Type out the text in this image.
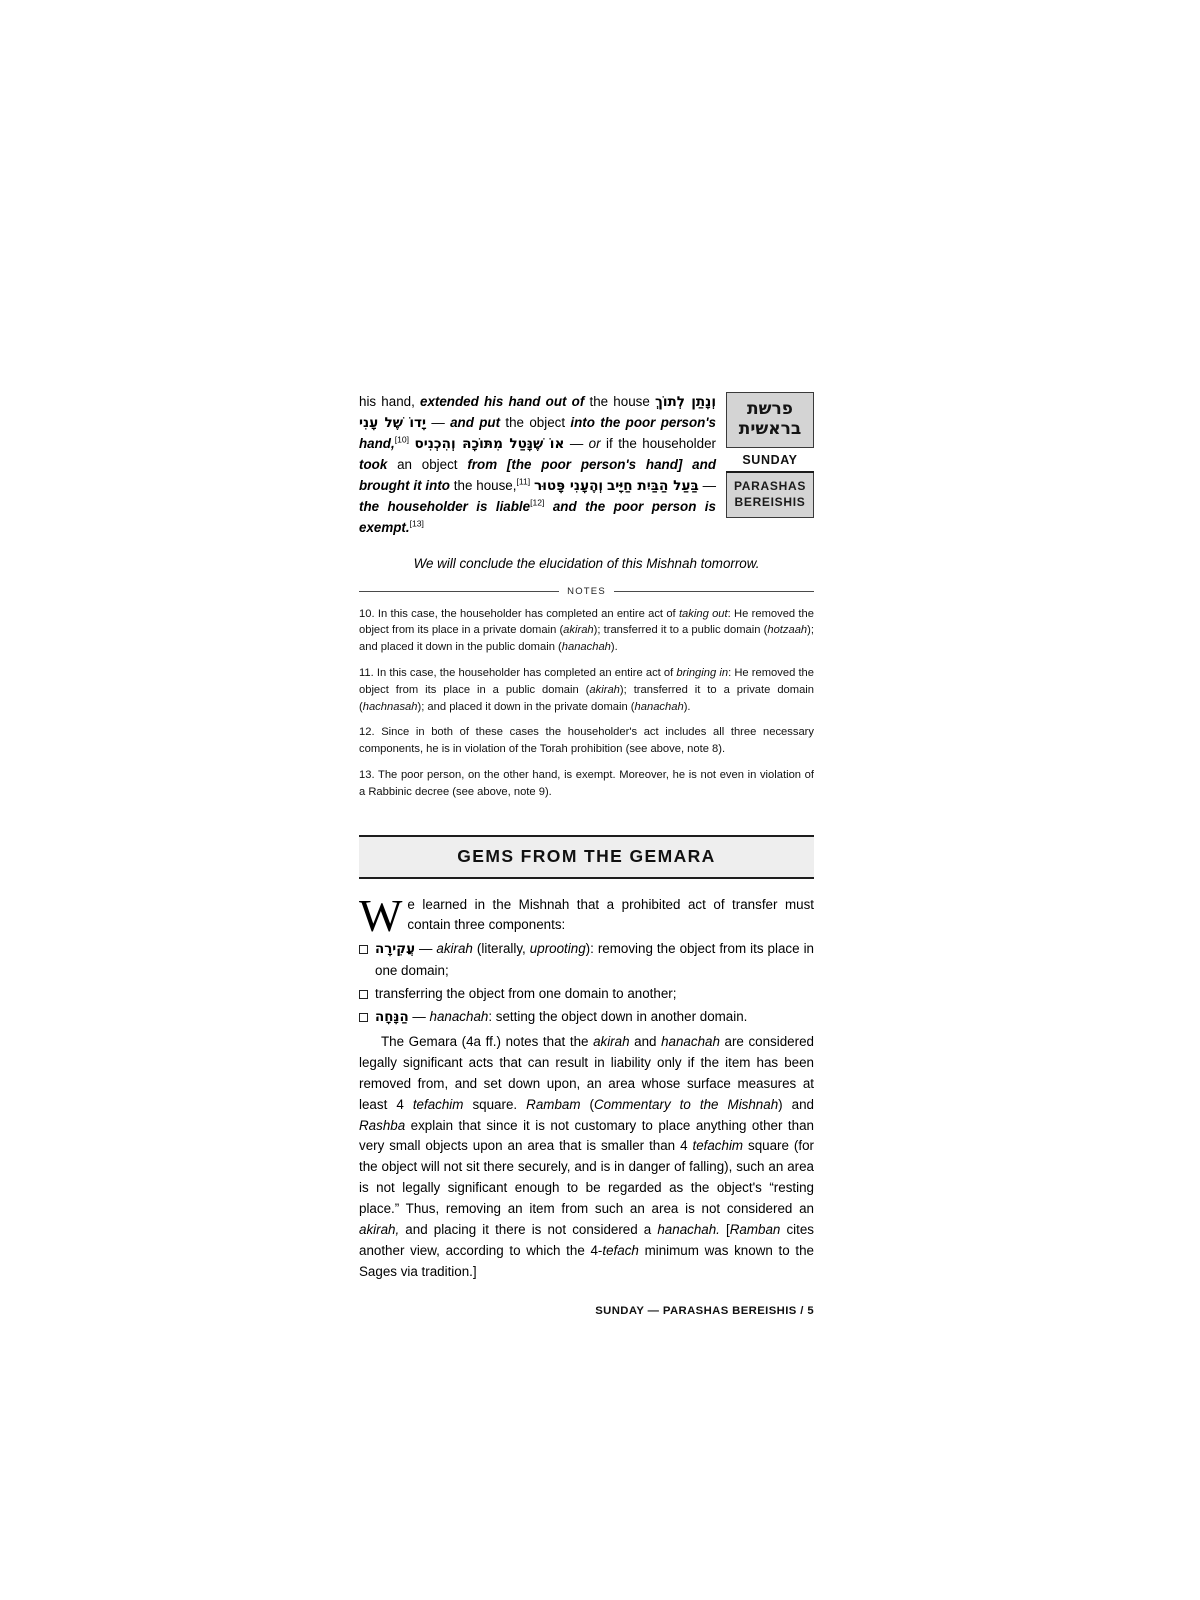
פרשת
בראשית
SUNDAY
PARASHAS
BEREISHIS
his hand, extended his hand out of the house וְנָתַן לְתוֹךְ יָדוֹ שֶׁל עָנִי — and put the object into the poor person's hand,[10] אוֹ שֶׁנָּטַל מִתּוֹכָהּ וְהִכְנִיס — or if the householder took an object from [the poor person's hand] and brought it into the house,[11]	בַּעַל הַבַּיִת חַיָּיב וְהֶעָנִי פָּטוּר	— the householder is liable[12] and the poor person is exempt.[13]
We will conclude the elucidation of this Mishnah tomorrow.
NOTES
10. In this case, the householder has completed an entire act of taking out: He removed the object from its place in a private domain (akirah); transferred it to a public domain (hotzaah); and placed it down in the public domain (hanachah).
11. In this case, the householder has completed an entire act of bringing in: He removed the object from its place in a public domain (akirah); transferred it to a private domain (hachnasah); and placed it down in the private domain (hanachah).
12. Since in both of these cases the householder's act includes all three necessary components, he is in violation of the Torah prohibition (see above, note 8).
13. The poor person, on the other hand, is exempt. Moreover, he is not even in violation of a Rabbinic decree (see above, note 9).
GEMS FROM THE GEMARA
We learned in the Mishnah that a prohibited act of transfer must contain three components:
עֲקִירָה — akirah (literally, uprooting): removing the object from its place in one domain;
transferring the object from one domain to another;
הַנָּחָה — hanachah: setting the object down in another domain.
The Gemara (4a ff.) notes that the akirah and hanachah are considered legally significant acts that can result in liability only if the item has been removed from, and set down upon, an area whose surface measures at least 4 tefachim square. Rambam (Commentary to the Mishnah) and Rashba explain that since it is not customary to place anything other than very small objects upon an area that is smaller than 4 tefachim square (for the object will not sit there securely, and is in danger of falling), such an area is not legally significant enough to be regarded as the object's “resting place.” Thus, removing an item from such an area is not considered an akirah, and placing it there is not considered a hanachah. [Ramban cites another view, according to which the 4-tefach minimum was known to the Sages via tradition.]
SUNDAY — PARASHAS BEREISHIS / 5
